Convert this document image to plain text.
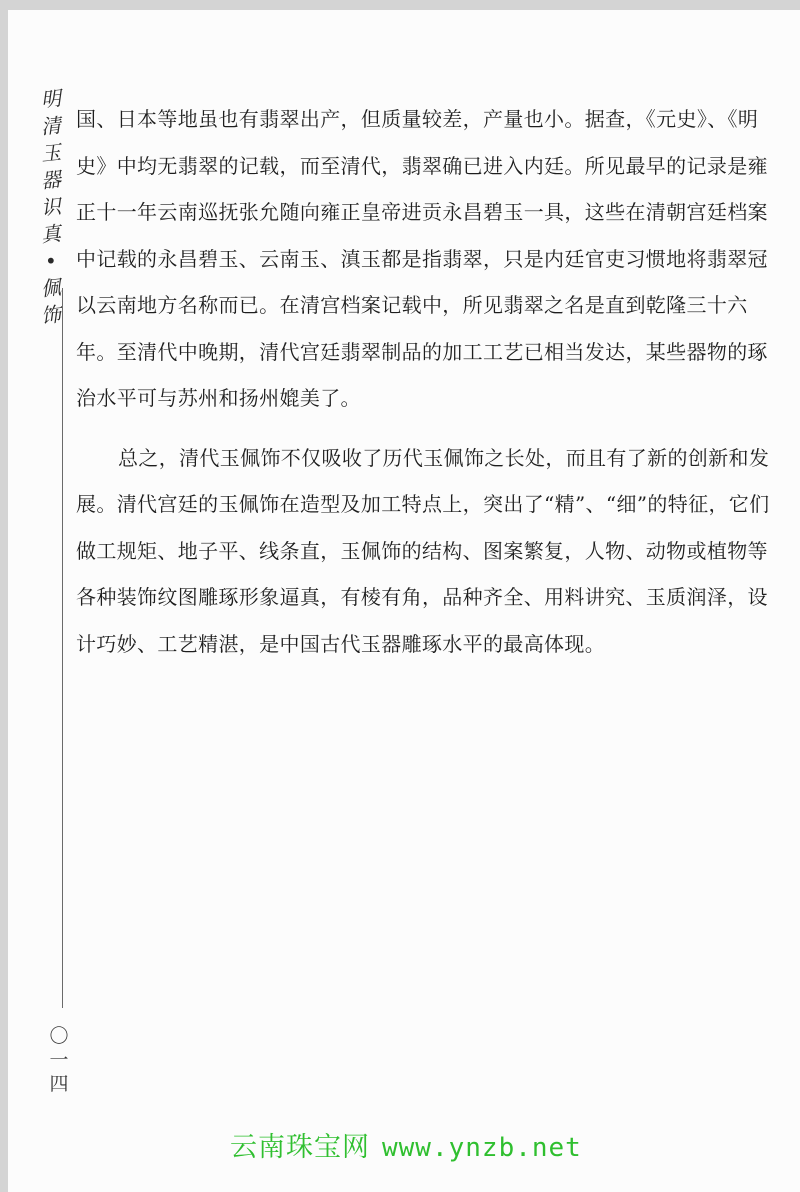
明
清
玉
器
识
真
•
佩
饰
〇
一
四

国、日本等地虽也有翡翠出产，但质量较差，产量也小。据查，《元史》、《明史》中均无翡翠的记载，而至清代，翡翠确已进入内廷。所见最早的记录是雍正十一年云南巡抚张允随向雍正皇帝进贡永昌碧玉一具，这些在清朝宫廷档案中记载的永昌碧玉、云南玉、滇玉都是指翡翠，只是内廷官吏习惯地将翡翠冠以云南地方名称而已。在清宫档案记载中，所见翡翠之名是直到乾隆三十六年。至清代中晚期，清代宫廷翡翠制品的加工工艺已相当发达，某些器物的琢治水平可与苏州和扬州媲美了。

总之，清代玉佩饰不仅吸收了历代玉佩饰之长处，而且有了新的创新和发展。清代宫廷的玉佩饰在造型及加工特点上，突出了“精”、“细”的特征，它们做工规矩、地子平、线条直，玉佩饰的结构、图案繁复，人物、动物或植物等各种装饰纹图雕琢形象逼真，有棱有角，品种齐全、用料讲究、玉质润泽，设计巧妙、工艺精湛，是中国古代玉器雕琢水平的最高体现。

云南珠宝网 www.ynzb.net
